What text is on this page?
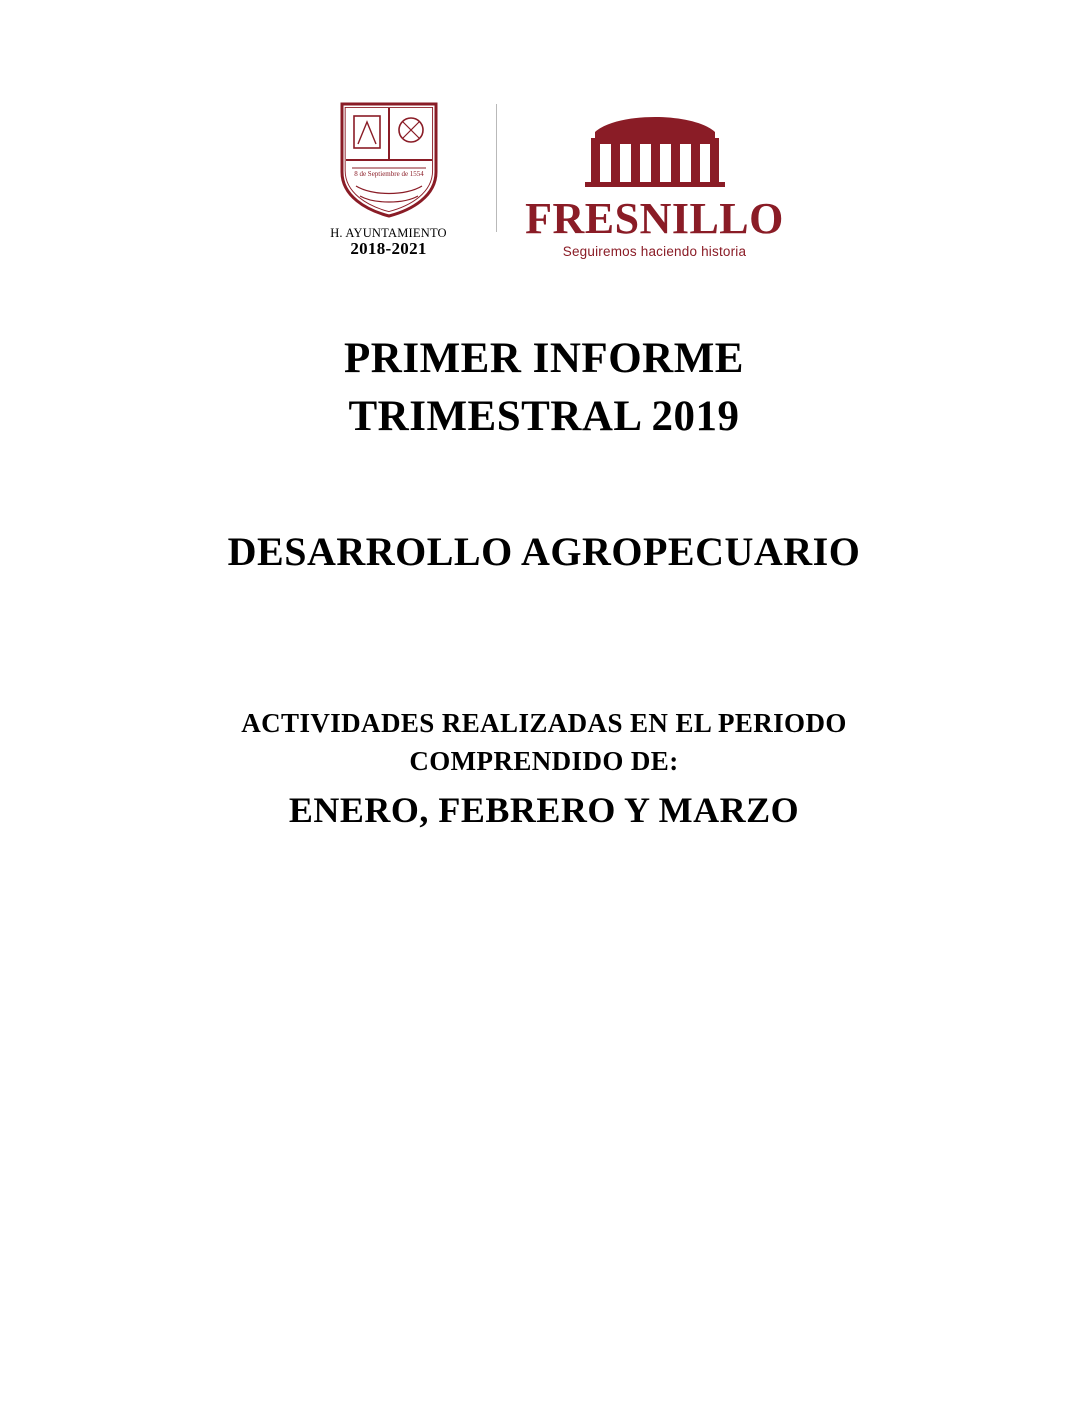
8 de Septiembre de 1554
H. AYUNTAMIENTO
2018-2021
FRESNILLO
Seguiremos haciendo historia
PRIMER INFORME
TRIMESTRAL 2019
DESARROLLO AGROPECUARIO
ACTIVIDADES REALIZADAS EN EL PERIODO
COMPRENDIDO DE:
ENERO, FEBRERO Y MARZO
